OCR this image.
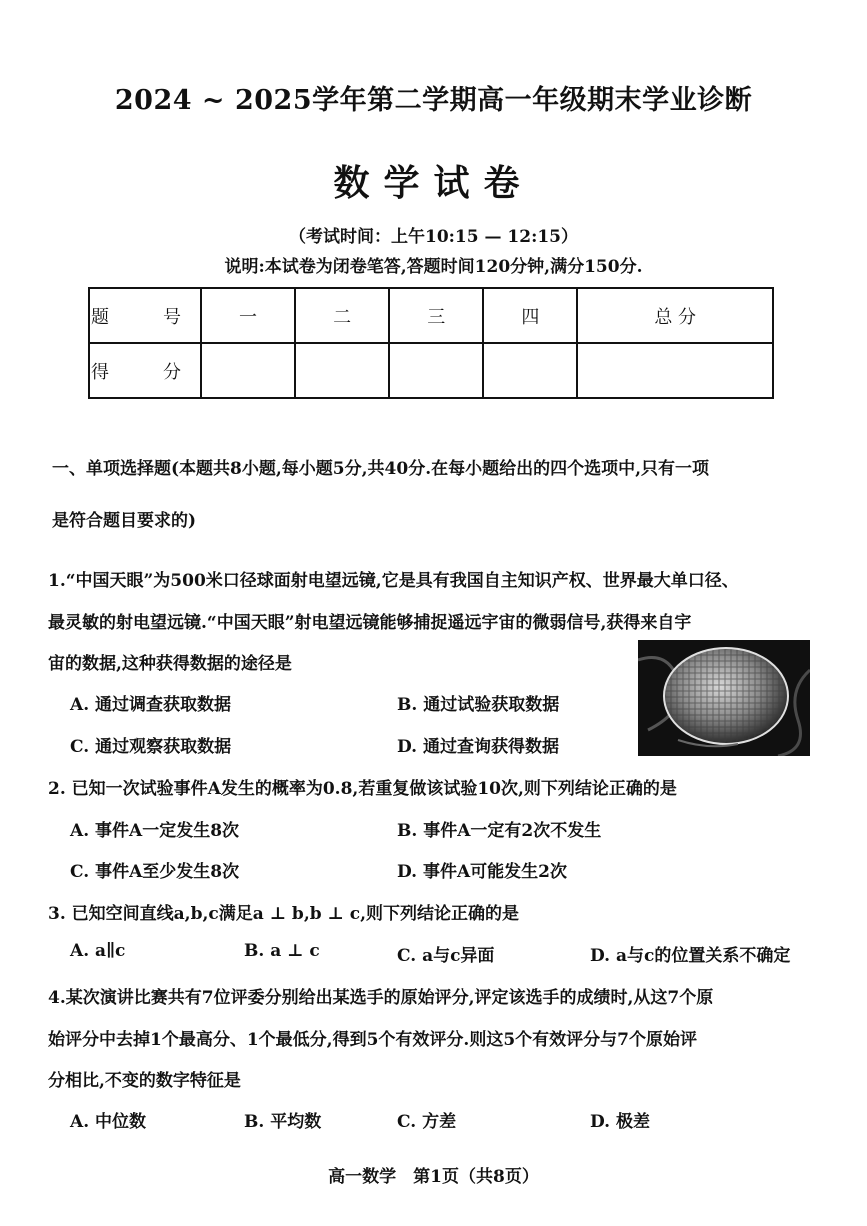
2024 ~ 2025学年第二学期高一年级期末学业诊断
数学试卷
（考试时间：上午10:15 — 12:15）
说明:本试卷为闭卷笔答,答题时间120分钟,满分150分.
题　号	一	二	三	四	总 分
得　分					
一、单项选择题(本题共8小题,每小题5分,共40分.在每小题给出的四个选项中,只有一项
是符合题目要求的)
1.“中国天眼”为500米口径球面射电望远镜,它是具有我国自主知识产权、世界最大单口径、
最灵敏的射电望远镜.“中国天眼”射电望远镜能够捕捉遥远宇宙的微弱信号,获得来自宇
宙的数据,这种获得数据的途径是
A. 通过调查获取数据	B. 通过试验获取数据
C. 通过观察获取数据	D. 通过查询获得数据
2. 已知一次试验事件A发生的概率为0.8,若重复做该试验10次,则下列结论正确的是
A. 事件A一定发生8次	B. 事件A一定有2次不发生
C. 事件A至少发生8次	D. 事件A可能发生2次
3. 已知空间直线a,b,c满足a ⊥ b,b ⊥ c,则下列结论正确的是
A. a∥c	B. a ⊥ c	C. a与c异面	D. a与c的位置关系不确定
4.某次演讲比赛共有7位评委分别给出某选手的原始评分,评定该选手的成绩时,从这7个原
始评分中去掉1个最高分、1个最低分,得到5个有效评分.则这5个有效评分与7个原始评
分相比,不变的数字特征是
A. 中位数	B. 平均数	C. 方差	D. 极差
高一数学　第1页（共8页）
